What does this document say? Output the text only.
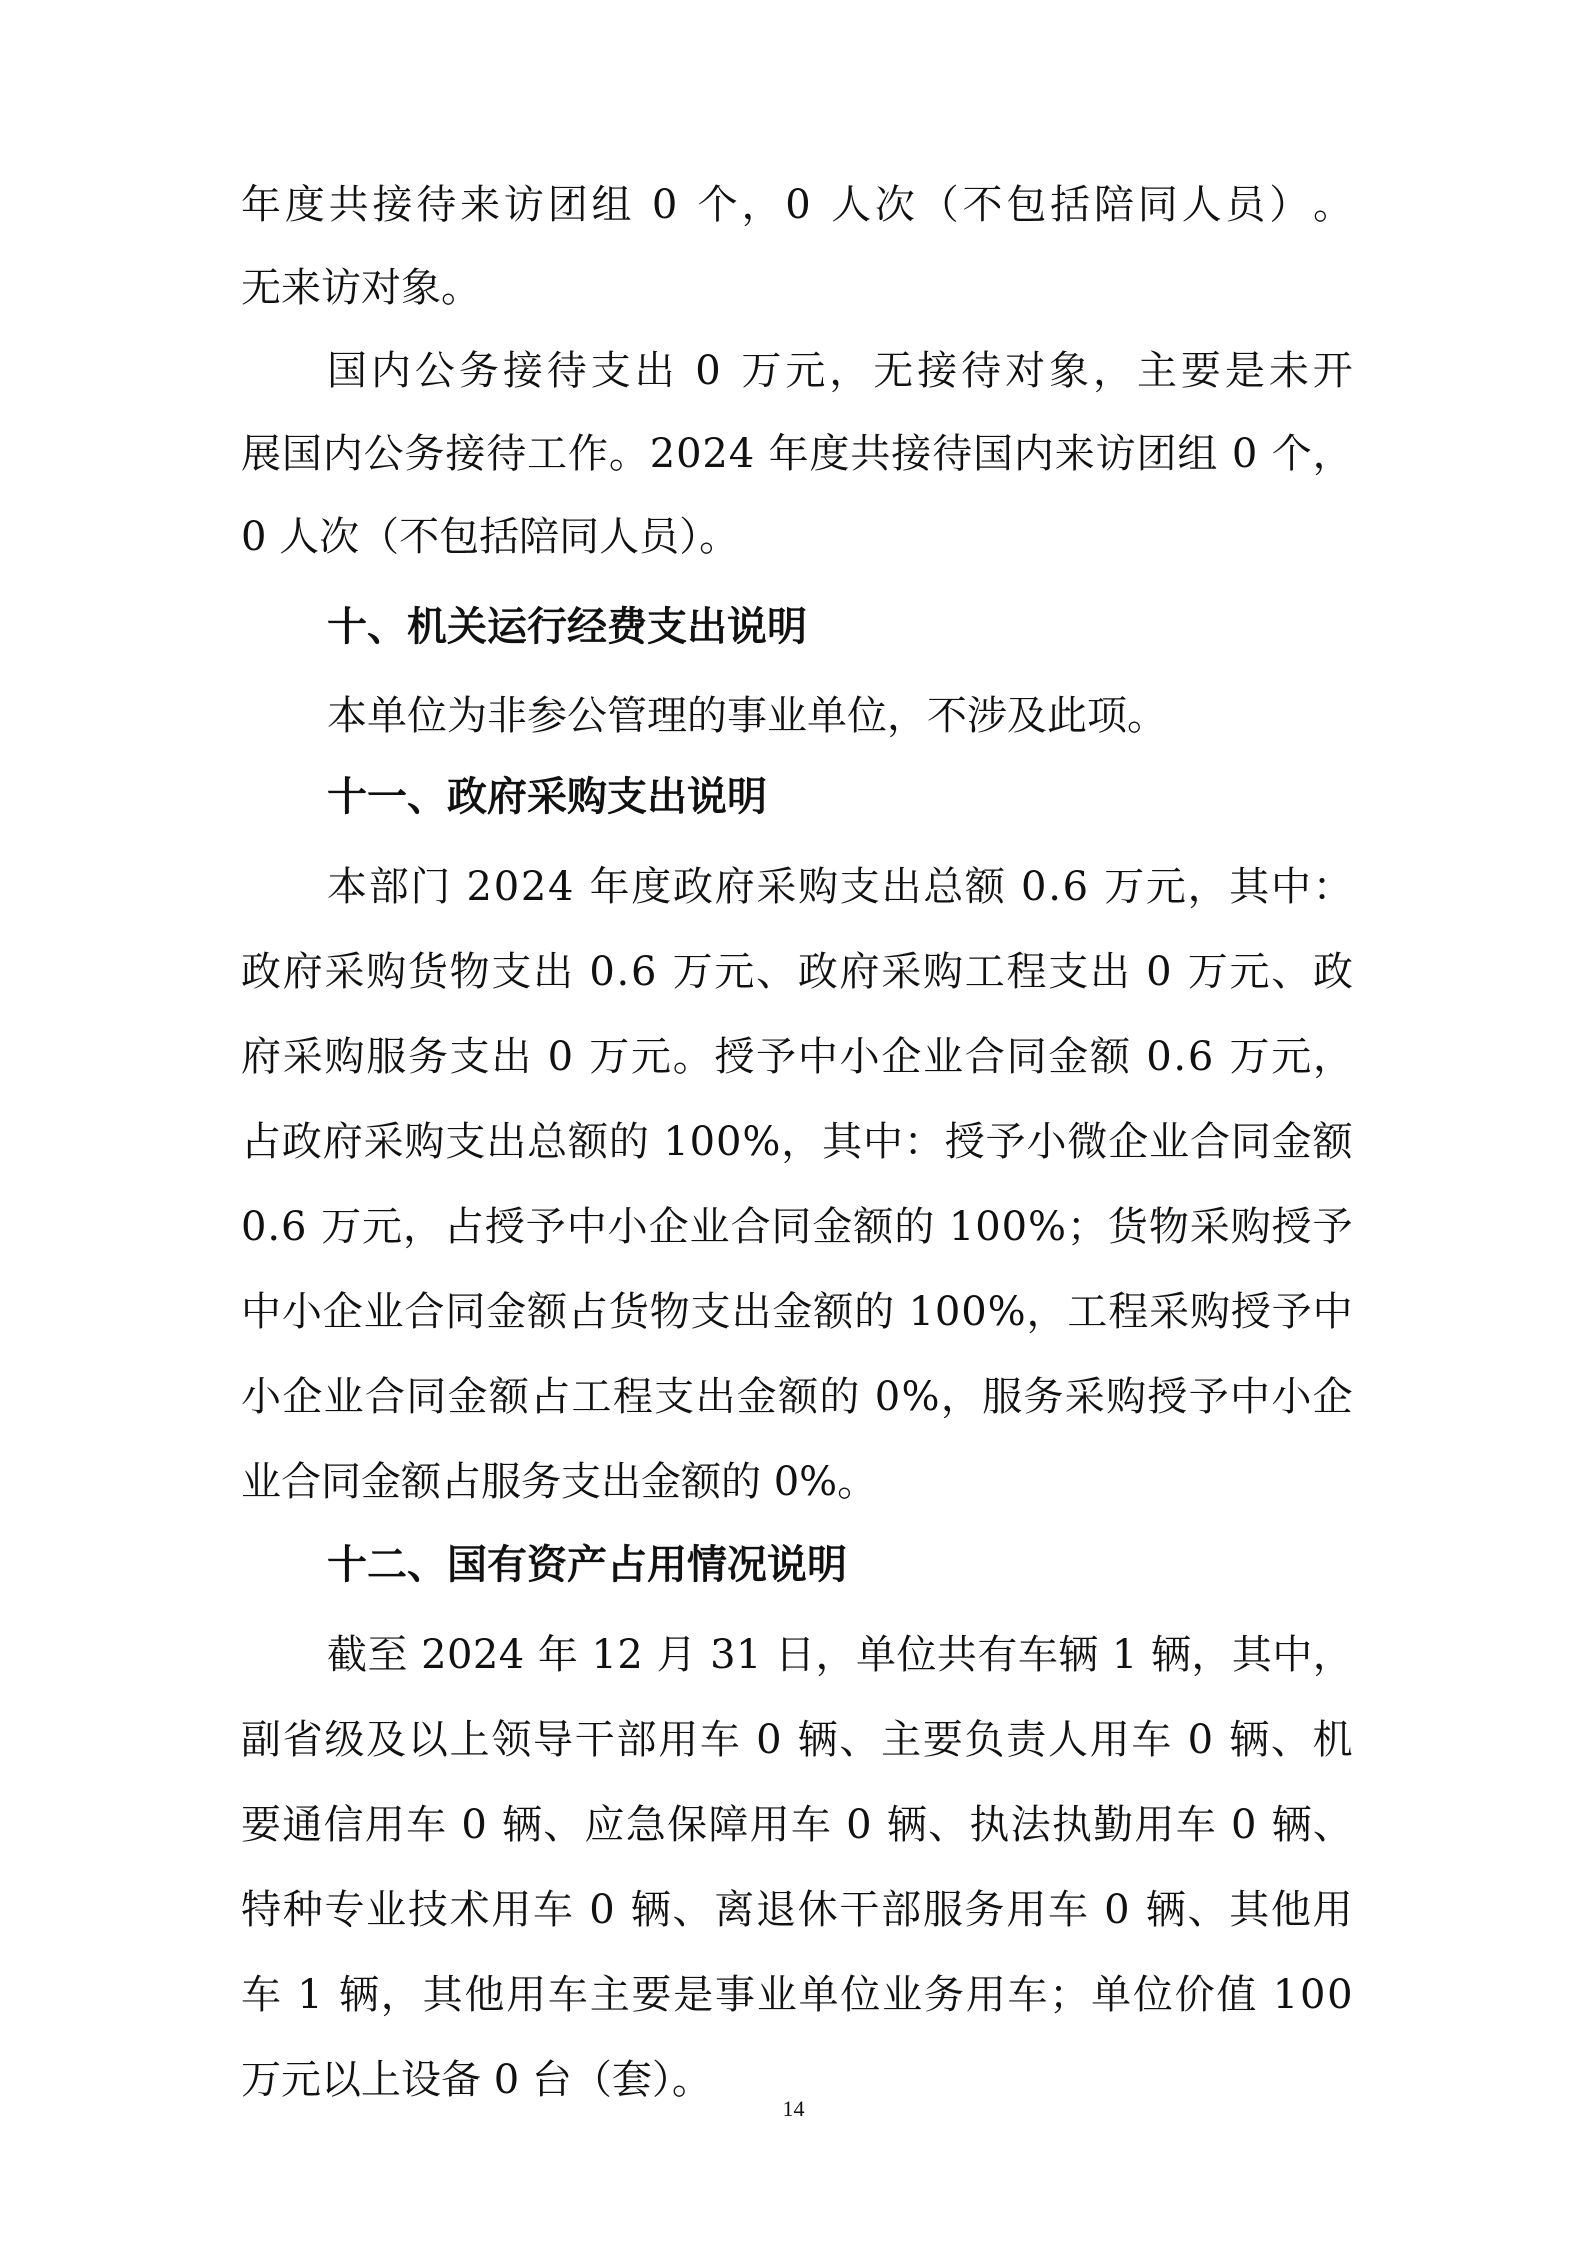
年 度 共 接 待 来 访 团 组
0
个 ， 0
人 次 （ 不 包 括 陪 同 人 员 ） 。
无来访对象。
国 内 公 务 接 待 支 出
0
万 元 ， 无 接 待 对 象 ， 主 要 是 未 开
展 国 内 公 务 接 待 工 作 。 2 0 2 4
年 度 共 接 待 国 内 来 访 团 组
0
个 ，
0 人次（不包括陪同人员）。
十、机关运行经费支出说明
本单位为非参公管理的事业单位，不涉及此项。
十一、政府采购支出说明
本 部 门
2 0 2 4
年 度 政 府 采 购 支 出 总 额
0 . 6
万 元 ， 其 中 ：
政 府 采 购 货 物 支 出
0 . 6
万 元 、 政 府 采 购 工 程 支 出
0
万 元 、 政
府 采 购 服 务 支 出
0
万 元 。 授 予 中 小 企 业 合 同 金 额
0 . 6
万 元 ，
占 政 府 采 购 支 出 总 额 的
1 0 0 % ， 其 中 ： 授 予 小 微 企 业 合 同 金 额
0 . 6
万 元 ， 占 授 予 中 小 企 业 合 同 金 额 的
1 0 0 % ； 货 物 采 购 授 予
中 小 企 业 合 同 金 额 占 货 物 支 出 金 额 的
1 0 0 % ， 工 程 采 购 授 予 中
小 企 业 合 同 金 额 占 工 程 支 出 金 额 的
0 % ， 服 务 采 购 授 予 中 小 企
业合同金额占服务支出金额的 0%。
十二、国有资产占用情况说明
截 至
2 0 2 4
年
1 2
月
3 1
日 ， 单 位 共 有 车 辆
1
辆 ， 其 中 ，
副 省 级 及 以 上 领 导 干 部 用 车
0
辆 、 主 要 负 责 人 用 车
0
辆 、 机
要 通 信 用 车
0
辆 、 应 急 保 障 用 车
0
辆 、 执 法 执 勤 用 车
0
辆 、
特 种 专 业 技 术 用 车
0
辆 、 离 退 休 干 部 服 务 用 车
0
辆 、 其 他 用
车
1
辆 ， 其 他 用 车 主 要 是 事 业 单 位 业 务 用 车 ； 单 位 价 值
1 0 0
万元以上设备 0 台（套）。
14
